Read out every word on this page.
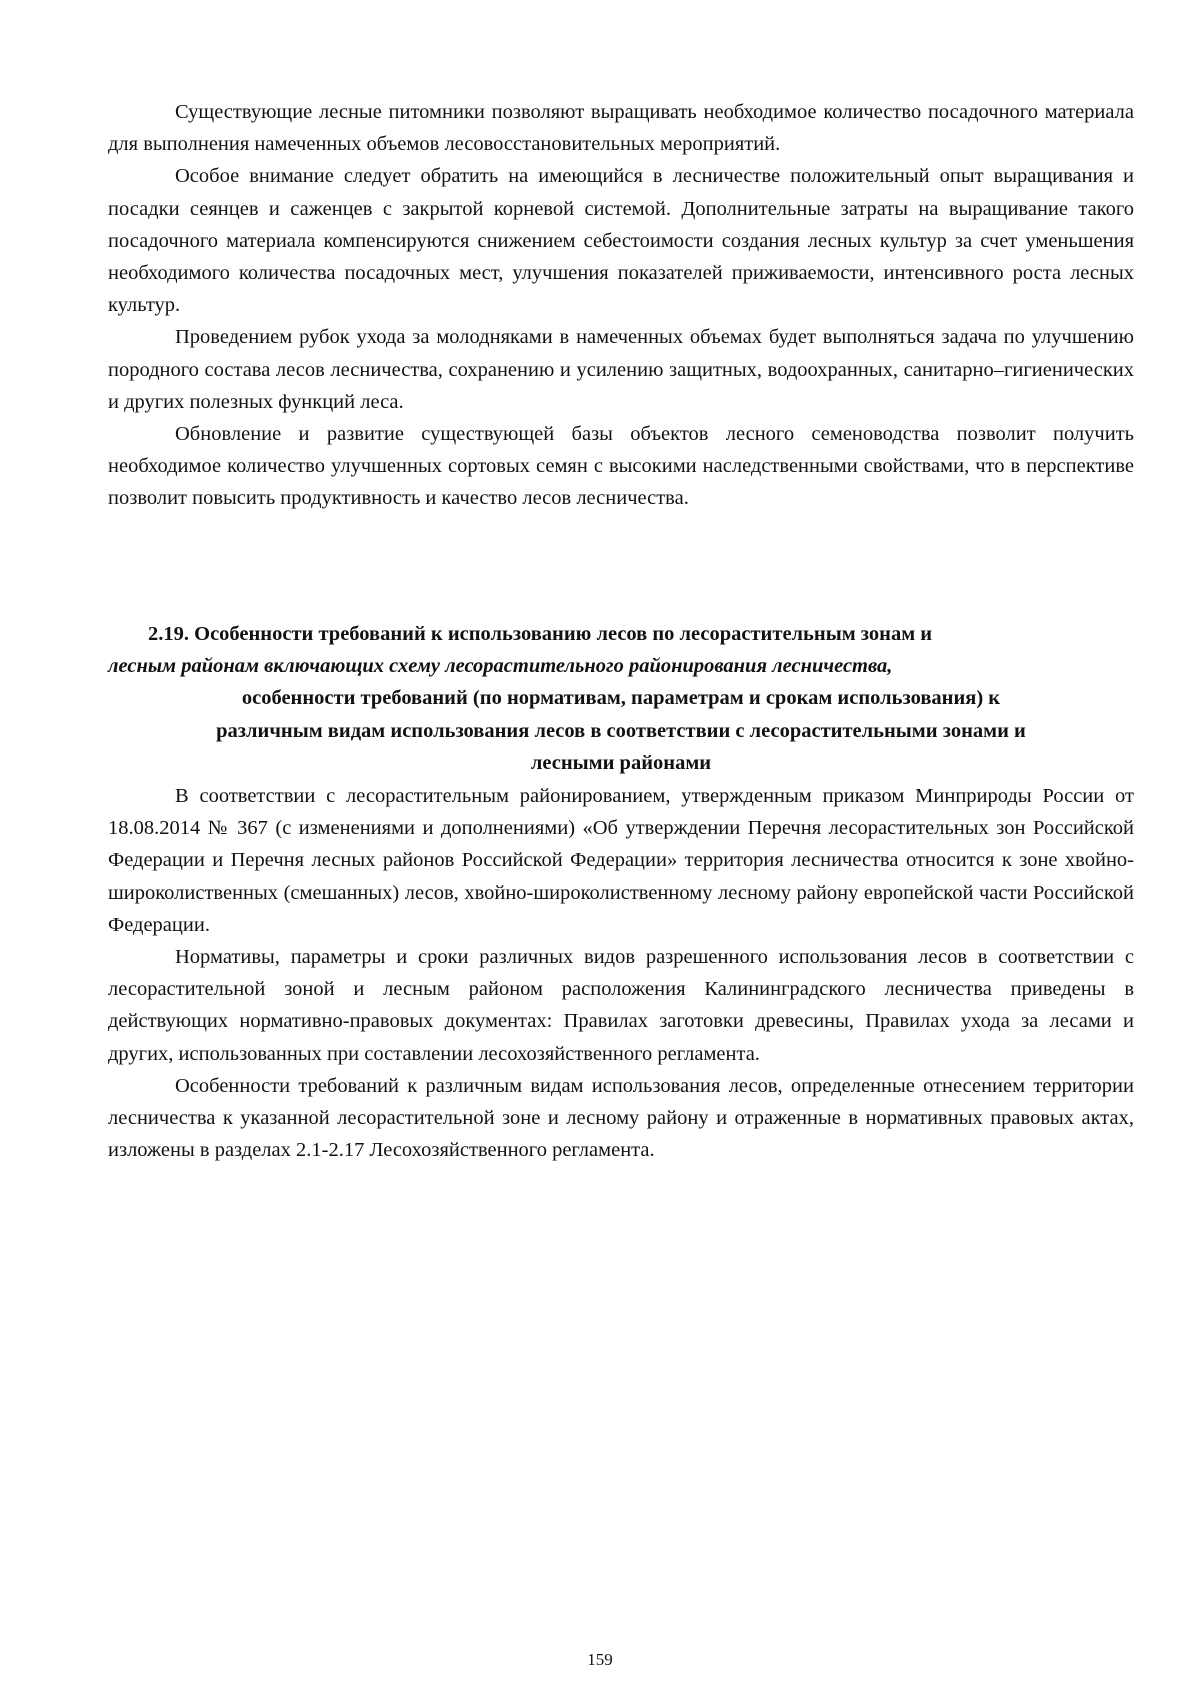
Существующие лесные питомники позволяют выращивать необходимое количество посадочного материала для выполнения намеченных объемов лесовосстановительных мероприятий.

Особое внимание следует обратить на имеющийся в лесничестве положительный опыт выращивания и посадки сеянцев и саженцев с закрытой корневой системой. Дополнительные затраты на выращивание такого посадочного материала компенсируются снижением себестоимости создания лесных культур за счет уменьшения необходимого количества посадочных мест, улучшения показателей приживаемости, интенсивного роста лесных культур.

Проведением рубок ухода за молодняками в намеченных объемах будет выполняться задача по улучшению породного состава лесов лесничества, сохранению и усилению защитных, водоохранных, санитарно–гигиенических и других полезных функций леса.

Обновление и развитие существующей базы объектов лесного семеноводства позволит получить необходимое количество улучшенных сортовых семян с высокими наследственными свойствами, что в перспективе позволит повысить продуктивность и качество лесов лесничества.

2.19. Особенности требований к использованию лесов по лесорастительным зонам и
лесным районам включающих схему лесорастительного районирования лесничества,
особенности требований (по нормативам, параметрам и срокам использования) к
различным видам использования лесов в соответствии с лесорастительными зонами и
лесными районами

В соответствии с лесорастительным районированием, утвержденным приказом Минприроды России от 18.08.2014 № 367 (с изменениями и дополнениями) «Об утверждении Перечня лесорастительных зон Российской Федерации и Перечня лесных районов Российской Федерации» территория лесничества относится к зоне хвойно-широколиственных (смешанных) лесов, хвойно-широколиственному лесному району европейской части Российской Федерации.

Нормативы, параметры и сроки различных видов разрешенного использования лесов в соответствии с лесорастительной зоной и лесным районом расположения Калининградского лесничества приведены в действующих нормативно-правовых документах: Правилах заготовки древесины, Правилах ухода за лесами и других, использованных при составлении лесохозяйственного регламента.

Особенности требований к различным видам использования лесов, определенные отнесением территории лесничества к указанной лесорастительной зоне и лесному району и отраженные в нормативных правовых актах, изложены в разделах 2.1-2.17 Лесохозяйственного регламента.

159
